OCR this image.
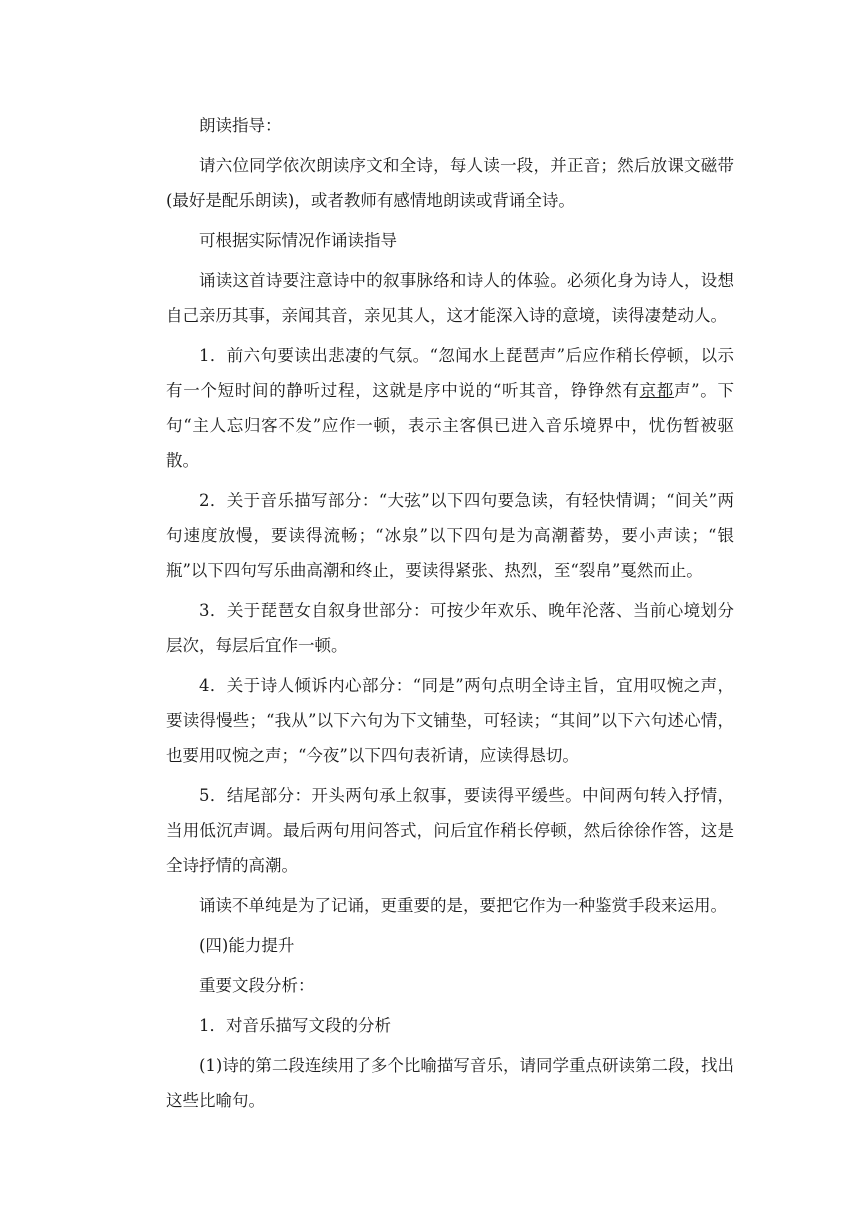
朗读指导：

请六位同学依次朗读序文和全诗，每人读一段，并正音；然后放课文磁带(最好是配乐朗读)，或者教师有感情地朗读或背诵全诗。

可根据实际情况作诵读指导

诵读这首诗要注意诗中的叙事脉络和诗人的体验。必须化身为诗人，设想自己亲历其事，亲闻其音，亲见其人，这才能深入诗的意境，读得凄楚动人。

1．前六句要读出悲凄的气氛。“忽闻水上琵琶声”后应作稍长停顿，以示有一个短时间的静听过程，这就是序中说的“听其音，铮铮然有京都声”。下句“主人忘归客不发”应作一顿，表示主客俱已进入音乐境界中，忧伤暂被驱散。

2．关于音乐描写部分：“大弦”以下四句要急读，有轻快情调；“间关”两句速度放慢，要读得流畅；“冰泉”以下四句是为高潮蓄势，要小声读；“银瓶”以下四句写乐曲高潮和终止，要读得紧张、热烈，至“裂帛”戛然而止。

3．关于琵琶女自叙身世部分：可按少年欢乐、晚年沦落、当前心境划分层次，每层后宜作一顿。

4．关于诗人倾诉内心部分：“同是”两句点明全诗主旨，宜用叹惋之声，要读得慢些；“我从”以下六句为下文铺垫，可轻读；“其间”以下六句述心情，也要用叹惋之声；“今夜”以下四句表祈请，应读得恳切。

5．结尾部分：开头两句承上叙事，要读得平缓些。中间两句转入抒情，当用低沉声调。最后两句用问答式，问后宜作稍长停顿，然后徐徐作答，这是全诗抒情的高潮。

诵读不单纯是为了记诵，更重要的是，要把它作为一种鉴赏手段来运用。

(四)能力提升

重要文段分析：

1．对音乐描写文段的分析

(1)诗的第二段连续用了多个比喻描写音乐，请同学重点研读第二段，找出这些比喻句。
